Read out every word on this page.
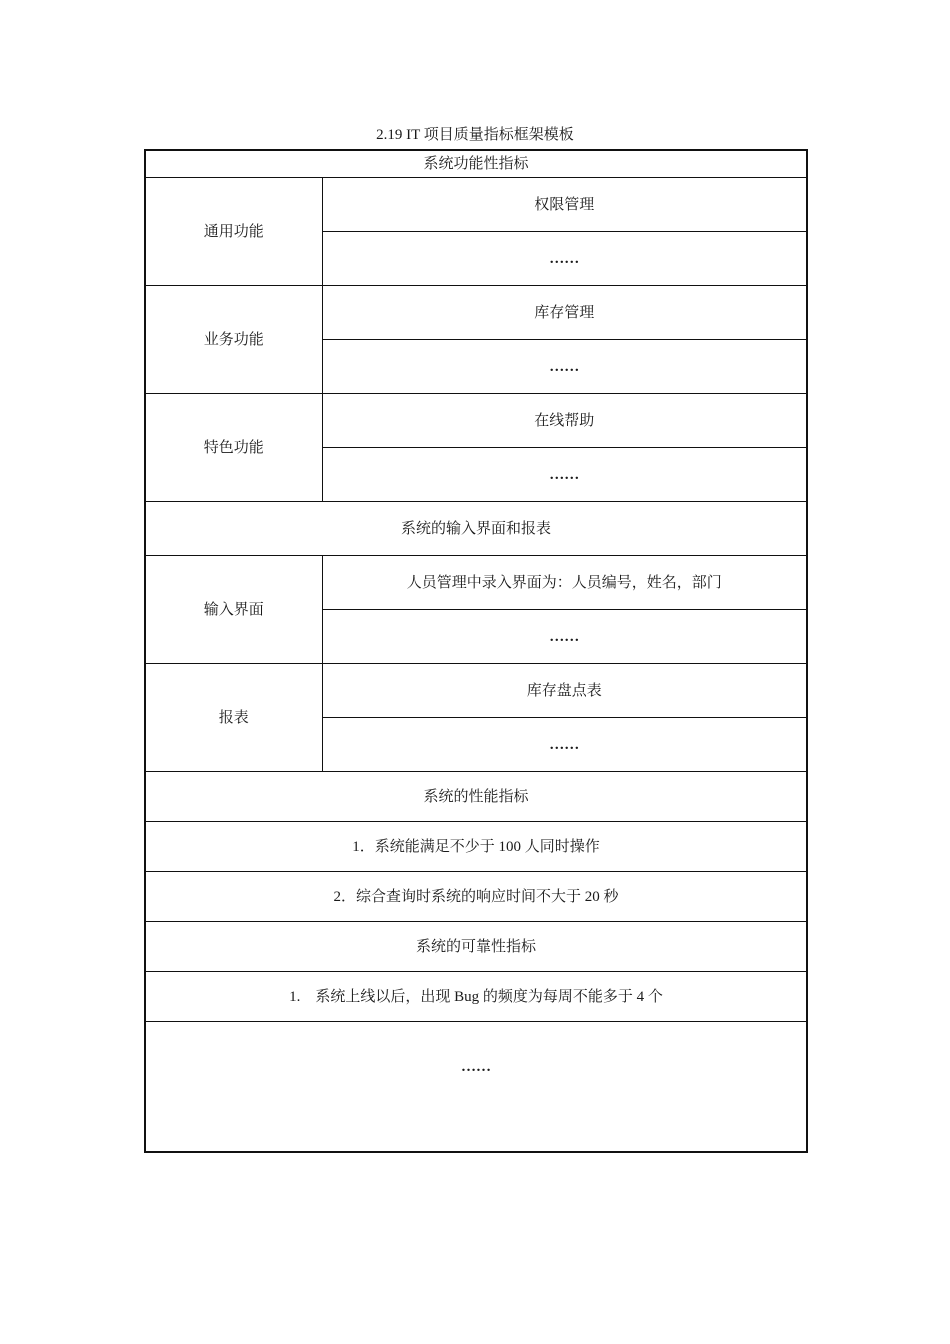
2.19 IT 项目质量指标框架模板
系统功能性指标	
通用功能	权限管理
	……
业务功能	库存管理
	……
特色功能	在线帮助
	……
系统的输入界面和报表	
输入界面	人员管理中录入界面为：人员编号，姓名，部门
	……
报表	库存盘点表
	……
系统的性能指标	
1．系统能满足不少于 100 人同时操作	
2．综合查询时系统的响应时间不大于 20 秒	
系统的可靠性指标	
1.    系统上线以后，出现 Bug 的频度为每周不能多于 4 个	
……	
